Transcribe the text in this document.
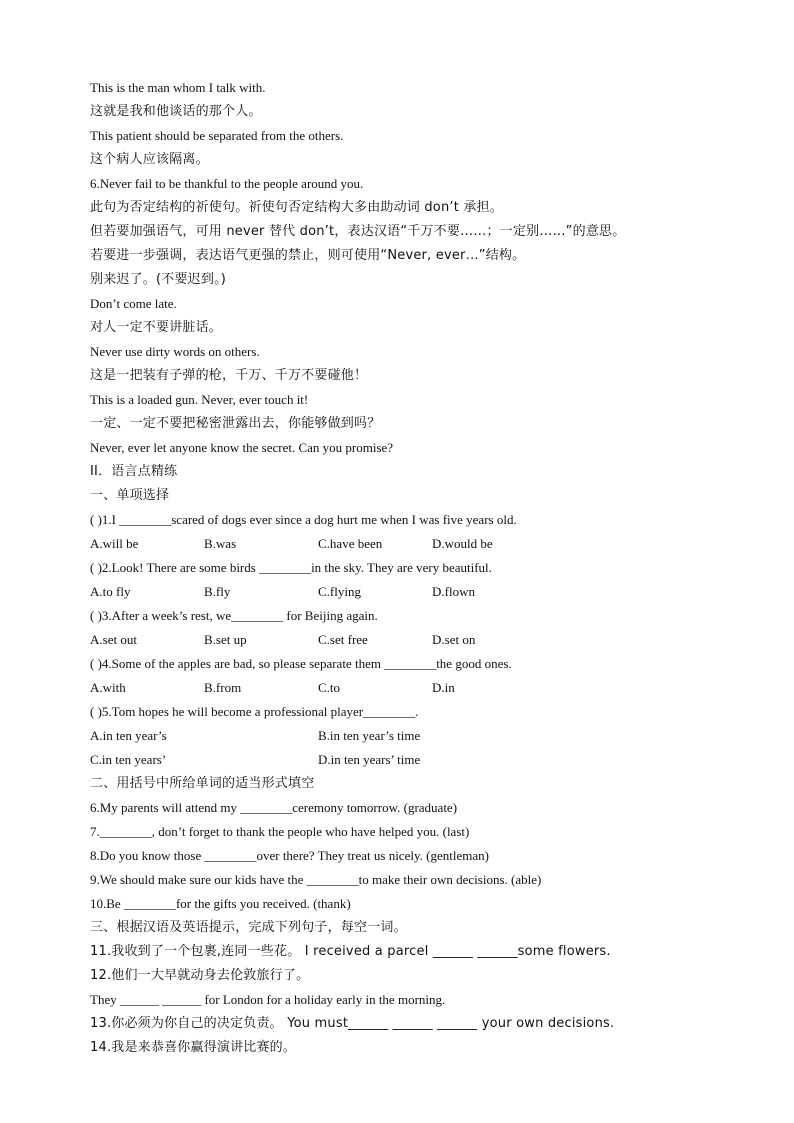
This is the man whom I talk with.
这就是我和他谈话的那个人。
This patient should be separated from the others.
这个病人应该隔离。
6.Never fail to be thankful to the people around you.
此句为否定结构的祈使句。祈使句否定结构大多由助动词 don’t 承担。
但若要加强语气，可用 never 替代 don’t，表达汉语“千万不要……；一定别……”的意思。
若要进一步强调，表达语气更强的禁止，则可使用“Never, ever…”结构。
别来迟了。(不要迟到。)
Don’t come late.
对人一定不要讲脏话。
Never use dirty words on others.
这是一把装有子弹的枪，千万、千万不要碰他！
This is a loaded gun. Never, ever touch it!
一定、一定不要把秘密泄露出去，你能够做到吗？
Never, ever let anyone know the secret. Can you promise?
II．语言点精练
一、单项选择
( )1.I ________scared of dogs ever since a dog hurt me when I was five years old.
A.will be	B.was	C.have been	D.would be
( )2.Look! There are some birds ________in the sky. They are very beautiful.
A.to fly	B.fly	C.flying	D.flown
( )3.After a week’s rest, we________ for Beijing again.
A.set out	B.set up	C.set free	D.set on
( )4.Some of the apples are bad, so please separate them ________the good ones.
A.with	B.from	C.to	D.in
( )5.Tom hopes he will become a professional player________.
A.in ten year’s	B.in ten year’s time
C.in ten years’	D.in ten years’ time
二、用括号中所给单词的适当形式填空
6.My parents will attend my ________ceremony tomorrow. (graduate)
7.________, don’t forget to thank the people who have helped you. (last)
8.Do you know those ________over there? They treat us nicely. (gentleman)
9.We should make sure our kids have the ________to make their own decisions. (able)
10.Be ________for the gifts you received. (thank)
三、根据汉语及英语提示，完成下列句子，每空一词。
11.我收到了一个包裹,连同一些花。 I received a parcel ______ ______some flowers.
12.他们一大早就动身去伦敦旅行了。
They ______ ______ for London for a holiday early in the morning.
13.你必须为你自己的决定负责。 You must______ ______ ______ your own decisions.
14.我是来恭喜你赢得演讲比赛的。
